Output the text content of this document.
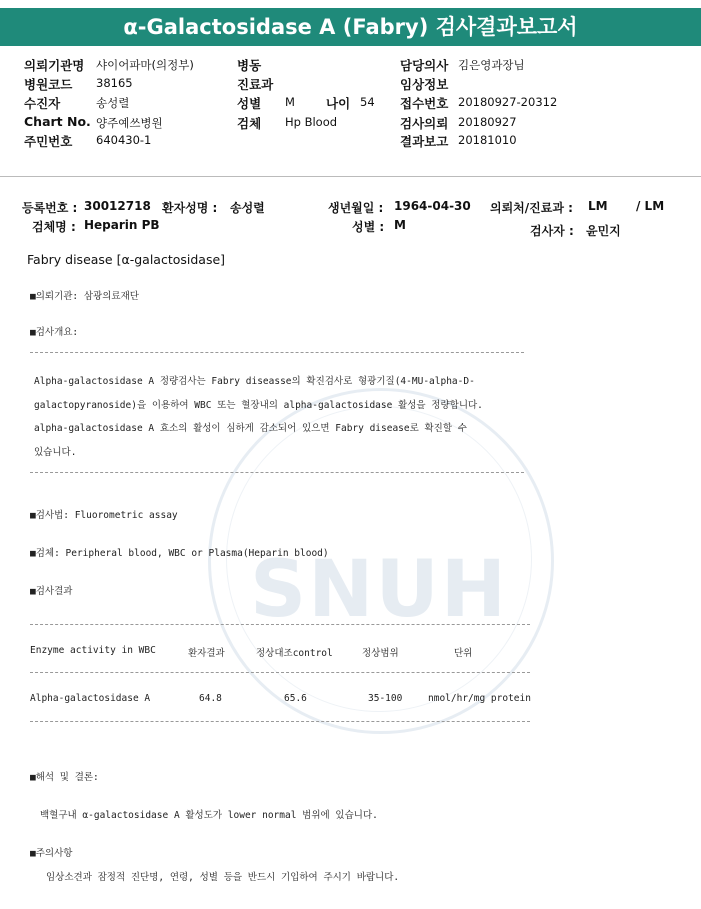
SNUH
α-Galactosidase A (Fabry) 검사결과보고서
의뢰기관명 샤이어파마(의정부)
병원코드 38165
수진자	송성렬
Chart No. 양주예쓰병원
주민번호 640430-1
병동
진료과
성별 M 나이 54
검체 Hp Blood
담당의사 김은영과장님
임상정보
접수번호 20180927-20312
검사의뢰 20180927
결과보고 20181010
등록번호 : 30012718 환자성명 : 송성렬	생년월일 : 1964-04-30 의뢰처/진료과 : LM / LM
검체명 : Heparin PB	성별 : M	검사자 : 윤민지
Fabry disease [α-galactosidase]
■의뢰기관: 삼광의료재단
■검사개요:
Alpha-galactosidase A 정량검사는 Fabry diseasse의 확진검사로 형광기질(4-MU-alpha-D-
galactopyranoside)을 이용하여 WBC 또는 혈장내의 alpha-galactosidase 활성을 정량합니다.
alpha-galactosidase A 효소의 활성이 심하게 감소되어 있으면 Fabry disease로 확진할 수
있습니다.
■검사법: Fluorometric assay
■검체: Peripheral blood, WBC or Plasma(Heparin blood)
■검사결과
Enzyme activity in WBC	환자결과	정상대조control	정상범위	단위
Alpha-galactosidase A	64.8	65.6	35-100	nmol/hr/mg protein
■해석 및 결론:
백혈구내 α-galactosidase A 활성도가 lower normal 범위에 있습니다.
■주의사항
임상소견과 잠정적 진단명, 연령, 성별 등을 반드시 기입하여 주시기 바랍니다.
